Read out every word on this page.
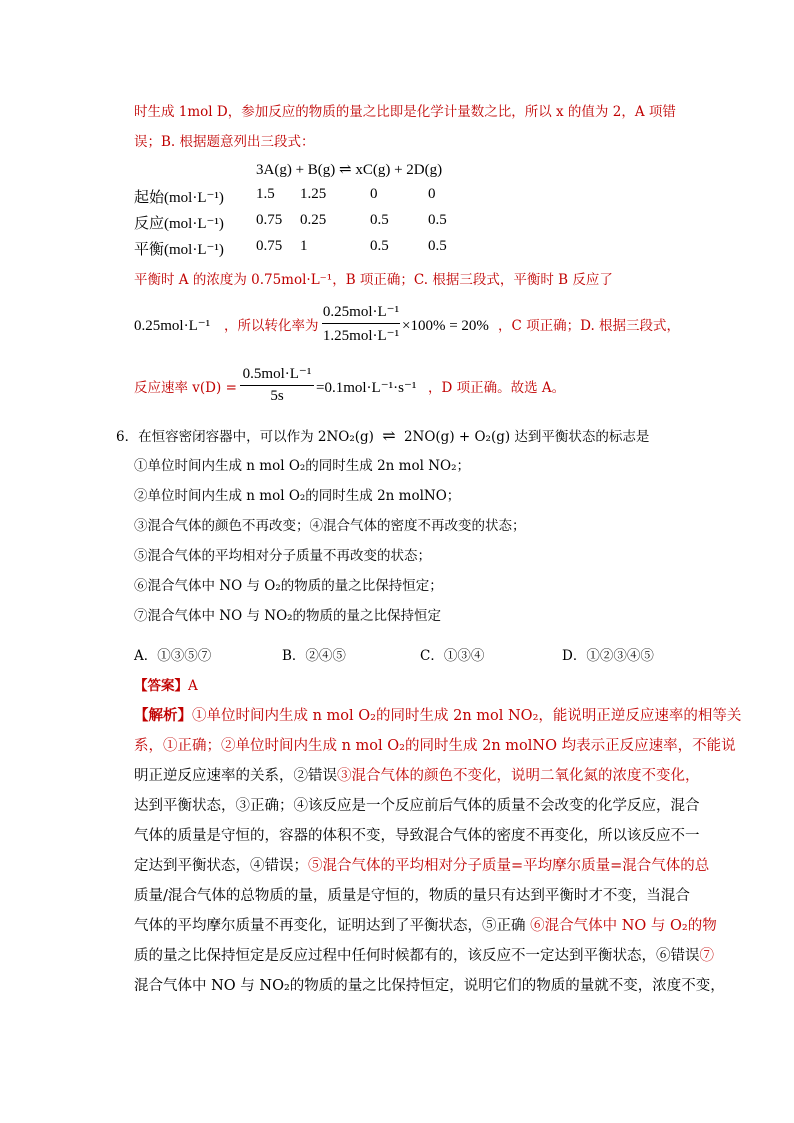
时生成 1mol D，参加反应的物质的量之比即是化学计量数之比，所以 x 的值为 2，A 项错
误；B. 根据题意列出三段式：
3A(g) + B(g) ⇌ xC(g) + 2D(g)
起始(mol·L⁻¹) 1.5 1.25	0	0
反应(mol·L⁻¹) 0.75 0.25	0.5	0.5
平衡(mol·L⁻¹) 0.75 1	0.5	0.5
平衡时 A 的浓度为 0.75mol·L⁻¹，B 项正确；C. 根据三段式，平衡时 B 反应了
0.25mol·L⁻¹ ，所以转化率为
0.25mol·L⁻¹
1.25mol·L⁻¹
×100% = 20% ，C 项正确；D. 根据三段式，
反应速率 v(D) =
0.5mol·L⁻¹
5s	=0.1mol·L⁻¹·s⁻¹ ，D 项正确。故选 A。
6．在恒容密闭容器中，可以作为 2NO₂(g) ⇌ 2NO(g) + O₂(g) 达到平衡状态的标志是
①单位时间内生成 n mol O₂的同时生成 2n mol NO₂；
②单位时间内生成 n mol O₂的同时生成 2n molNO；
③混合气体的颜色不再改变；④混合气体的密度不再改变的状态；
⑤混合气体的平均相对分子质量不再改变的状态；
⑥混合气体中 NO 与 O₂的物质的量之比保持恒定；
⑦混合气体中 NO 与 NO₂的物质的量之比保持恒定
A．①③⑤⑦	B．②④⑤	C．①③④	D．①②③④⑤
【答案】A
【解析】①单位时间内生成 n mol O₂的同时生成 2n mol NO₂，能说明正逆反应速率的相等关
系，①正确；②单位时间内生成 n mol O₂的同时生成 2n molNO 均表示正反应速率，不能说
明正逆反应速率的关系，②错误③混合气体的颜色不变化，说明二氧化氮的浓度不变化，
达到平衡状态，③正确；④该反应是一个反应前后气体的质量不会改变的化学反应，混合
气体的质量是守恒的，容器的体积不变，导致混合气体的密度不再变化，所以该反应不一
定达到平衡状态，④错误；⑤混合气体的平均相对分子质量=平均摩尔质量=混合气体的总
质量/混合气体的总物质的量，质量是守恒的，物质的量只有达到平衡时才不变，当混合
气体的平均摩尔质量不再变化，证明达到了平衡状态，⑤正确 ⑥混合气体中 NO 与 O₂的物
质的量之比保持恒定是反应过程中任何时候都有的，该反应不一定达到平衡状态，⑥错误⑦
混合气体中 NO 与 NO₂的物质的量之比保持恒定，说明它们的物质的量就不变，浓度不变，
